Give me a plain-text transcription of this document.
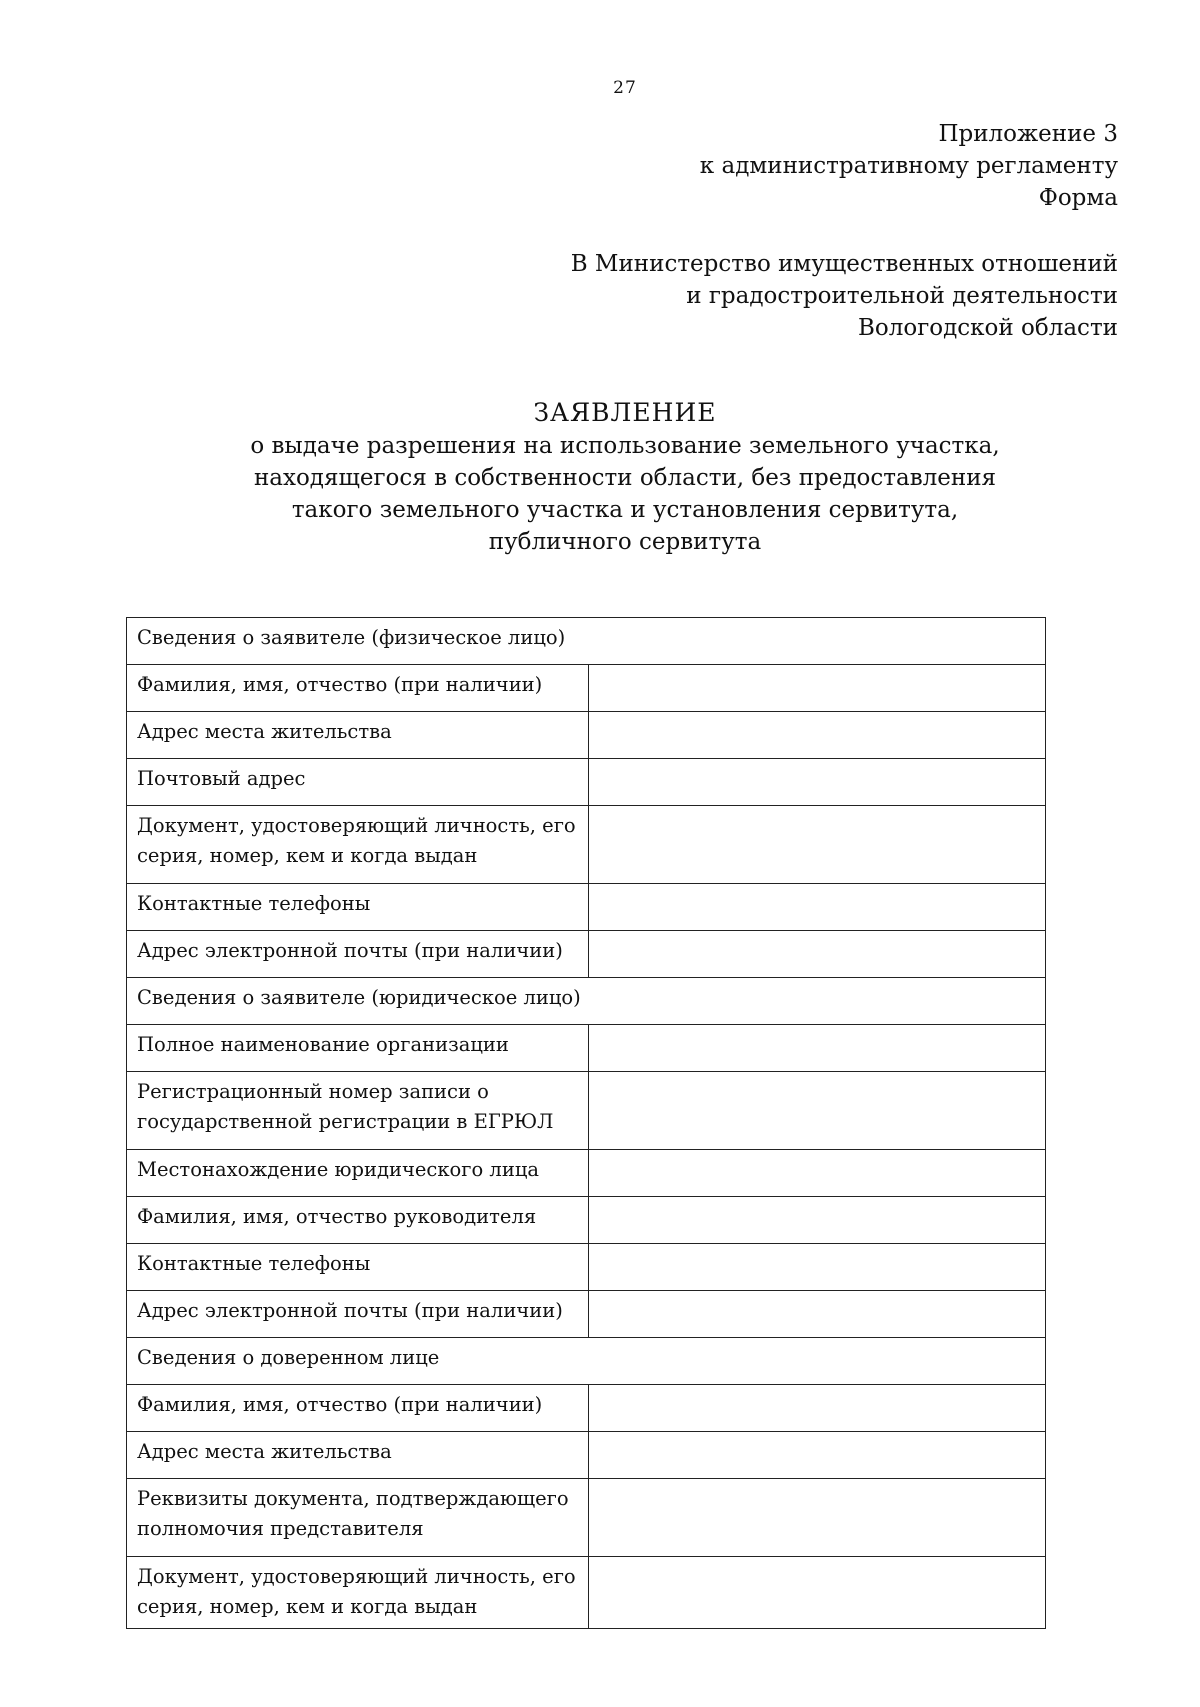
27
Приложение 3
к административному регламенту
Форма
В Министерство имущественных отношений
и градостроительной деятельности
Вологодской области
ЗАЯВЛЕНИЕ
о выдаче разрешения на использование земельного участка,
находящегося в собственности области, без предоставления
такого земельного участка и установления сервитута,
публичного сервитута
Сведения о заявителе (физическое лицо)	
Фамилия, имя, отчество (при наличии)	
Адрес места жительства	
Почтовый адрес	
Документ, удостоверяющий личность, его серия, номер, кем и когда выдан	
Контактные телефоны	
Адрес электронной почты (при наличии)	
Сведения о заявителе (юридическое лицо)	
Полное наименование организации	
Регистрационный номер записи о государственной регистрации в ЕГРЮЛ	
Местонахождение юридического лица	
Фамилия, имя, отчество руководителя	
Контактные телефоны	
Адрес электронной почты (при наличии)	
Сведения о доверенном лице	
Фамилия, имя, отчество (при наличии)	
Адрес места жительства	
Реквизиты документа, подтверждающего полномочия представителя	
Документ, удостоверяющий личность, его серия, номер, кем и когда выдан	
